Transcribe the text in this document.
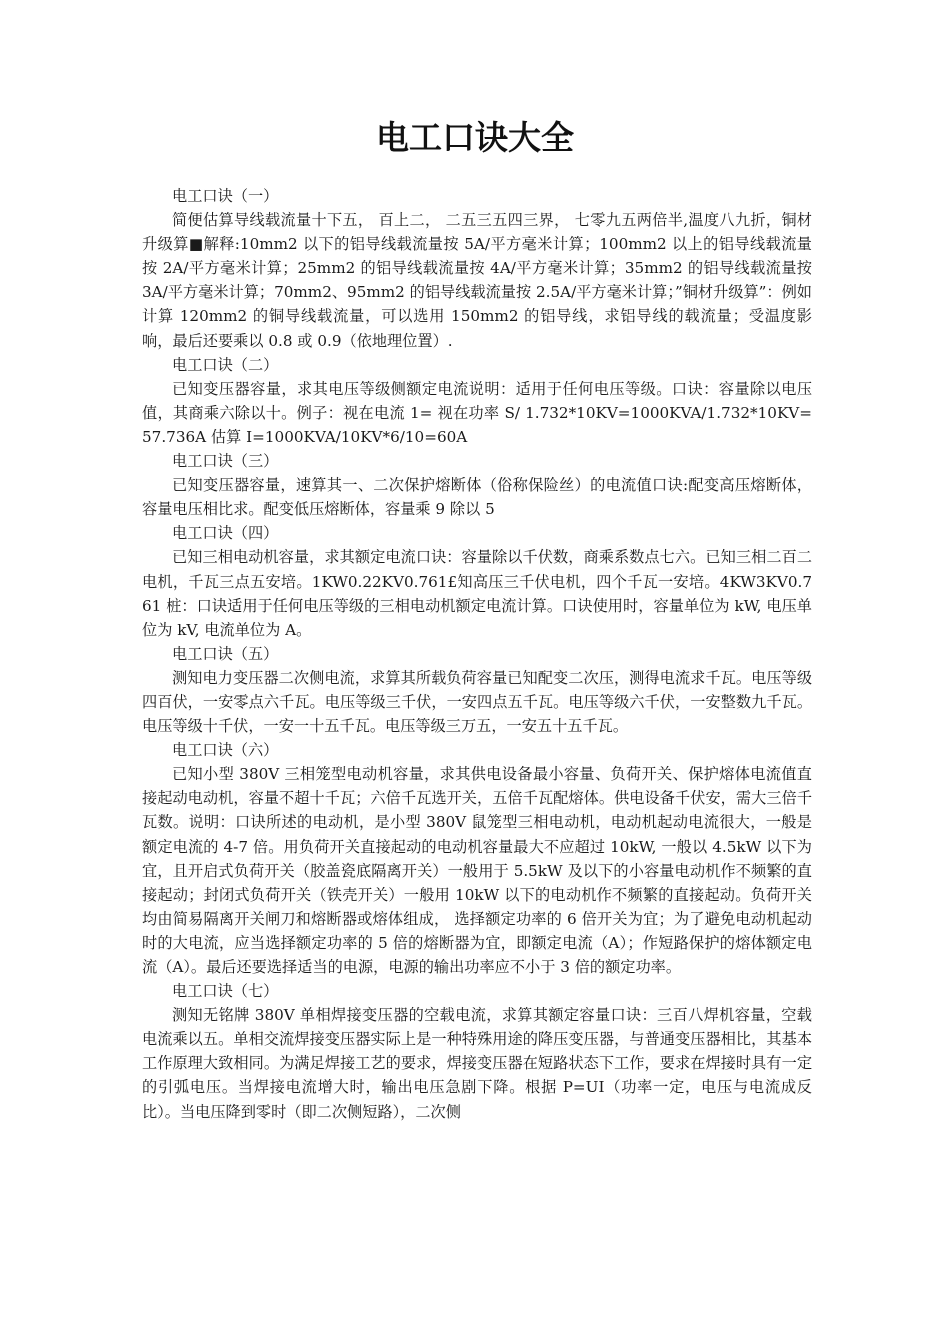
电工口诀大全

电工口诀（一）

简便估算导线载流量十下五， 百上二， 二五三五四三界， 七零九五两倍半,温度八九折，铜材升级算■解释:10mm2 以下的铝导线载流量按 5A/平方毫米计算；100mm2 以上的铝导线载流量按 2A/平方毫米计算；25mm2 的铝导线载流量按 4A/平方毫米计算；35mm2 的铝导线载流量按 3A/平方毫米计算；70mm2、95mm2 的铝导线载流量按 2.5A/平方毫米计算；”铜材升级算”：例如计算 120mm2 的铜导线载流量，可以选用 150mm2 的铝导线，求铝导线的载流量；受温度影响，最后还要乘以 0.8 或 0.9（依地理位置）.

电工口诀（二）

已知变压器容量，求其电压等级侧额定电流说明：适用于任何电压等级。口诀：容量除以电压值，其商乘六除以十。例子：视在电流 1= 视在功率 S/ 1.732*10KV=1000KVA/1.732*10KV=57.736A 估算 I=1000KVA/10KV*6/10=60A

电工口诀（三）

已知变压器容量，速算其一、二次保护熔断体（俗称保险丝）的电流值口诀:配变高压熔断体，容量电压相比求。配变低压熔断体，容量乘 9 除以 5

电工口诀（四）

已知三相电动机容量，求其额定电流口诀：容量除以千伏数，商乘系数点七六。已知三相二百二电机，千瓦三点五安培。1KW0.22KV0.761£知高压三千伏电机，四个千瓦一安培。4KW3KV0.761 桩：口诀适用于任何电压等级的三相电动机额定电流计算。口诀使用时，容量单位为 kW, 电压单位为 kV, 电流单位为 A。

电工口诀（五）

测知电力变压器二次侧电流，求算其所载负荷容量已知配变二次压，测得电流求千瓦。电压等级四百伏，一安零点六千瓦。电压等级三千伏，一安四点五千瓦。电压等级六千伏，一安整数九千瓦。电压等级十千伏，一安一十五千瓦。电压等级三万五，一安五十五千瓦。

电工口诀（六）

已知小型 380V 三相笼型电动机容量，求其供电设备最小容量、负荷开关、保护熔体电流值直接起动电动机，容量不超十千瓦；六倍千瓦选开关，五倍千瓦配熔体。供电设备千伏安，需大三倍千瓦数。说明：口诀所述的电动机，是小型 380V 鼠笼型三相电动机，电动机起动电流很大，一般是额定电流的 4-7 倍。用负荷开关直接起动的电动机容量最大不应超过 10kW, 一般以 4.5kW 以下为宜，且开启式负荷开关（胶盖瓷底隔离开关）一般用于 5.5kW 及以下的小容量电动机作不频繁的直接起动；封闭式负荷开关（铁壳开关）一般用 10kW 以下的电动机作不频繁的直接起动。负荷开关均由简易隔离开关闸刀和熔断器或熔体组成， 选择额定功率的 6 倍开关为宜；为了避免电动机起动时的大电流，应当选择额定功率的 5 倍的熔断器为宜，即额定电流（A）；作短路保护的熔体额定电流（A）。最后还要选择适当的电源，电源的输出功率应不小于 3 倍的额定功率。

电工口诀（七）

测知无铭牌 380V 单相焊接变压器的空载电流，求算其额定容量口诀：三百八焊机容量，空载电流乘以五。单相交流焊接变压器实际上是一种特殊用途的降压变压器，与普通变压器相比，其基本工作原理大致相同。为满足焊接工艺的要求，焊接变压器在短路状态下工作，要求在焊接时具有一定的引弧电压。当焊接电流增大时，输出电压急剧下降。根据 P=UI（功率一定，电压与电流成反比）。当电压降到零时（即二次侧短路），二次侧
